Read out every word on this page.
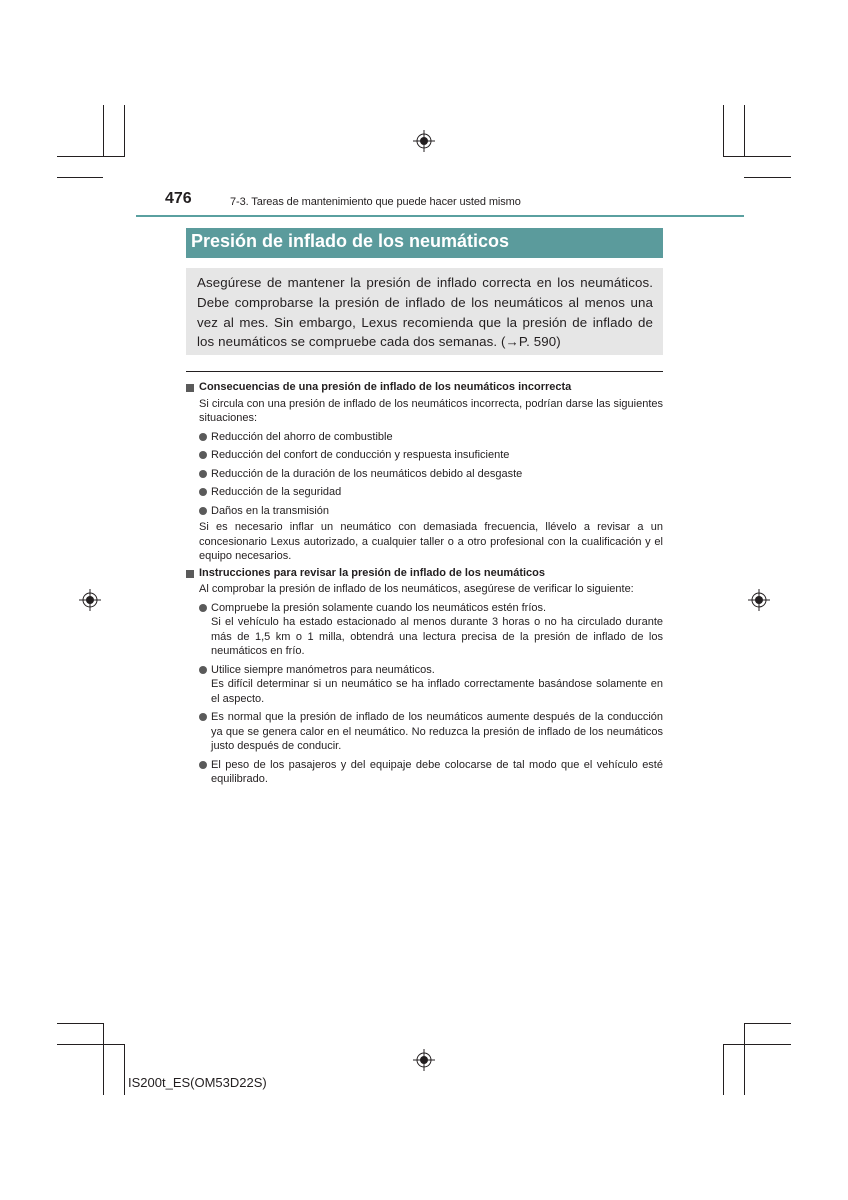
476	7-3. Tareas de mantenimiento que puede hacer usted mismo
Presión de inflado de los neumáticos
Asegúrese de mantener la presión de inflado correcta en los neumáticos. Debe comprobarse la presión de inflado de los neumáticos al menos una vez al mes. Sin embargo, Lexus recomienda que la presión de inflado de los neumáticos se compruebe cada dos semanas. (→P. 590)
Consecuencias de una presión de inflado de los neumáticos incorrecta
Si circula con una presión de inflado de los neumáticos incorrecta, podrían darse las siguientes situaciones:
Reducción del ahorro de combustible
Reducción del confort de conducción y respuesta insuficiente
Reducción de la duración de los neumáticos debido al desgaste
Reducción de la seguridad
Daños en la transmisión
Si es necesario inflar un neumático con demasiada frecuencia, llévelo a revisar a un concesionario Lexus autorizado, a cualquier taller o a otro profesional con la cualificación y el equipo necesarios.
Instrucciones para revisar la presión de inflado de los neumáticos
Al comprobar la presión de inflado de los neumáticos, asegúrese de verificar lo siguiente:
Compruebe la presión solamente cuando los neumáticos estén fríos.
Si el vehículo ha estado estacionado al menos durante 3 horas o no ha circulado durante más de 1,5 km o 1 milla, obtendrá una lectura precisa de la presión de inflado de los neumáticos en frío.
Utilice siempre manómetros para neumáticos.
Es difícil determinar si un neumático se ha inflado correctamente basándose solamente en el aspecto.
Es normal que la presión de inflado de los neumáticos aumente después de la conducción ya que se genera calor en el neumático. No reduzca la presión de inflado de los neumáticos justo después de conducir.
El peso de los pasajeros y del equipaje debe colocarse de tal modo que el vehículo esté equilibrado.
IS200t_ES(OM53D22S)
